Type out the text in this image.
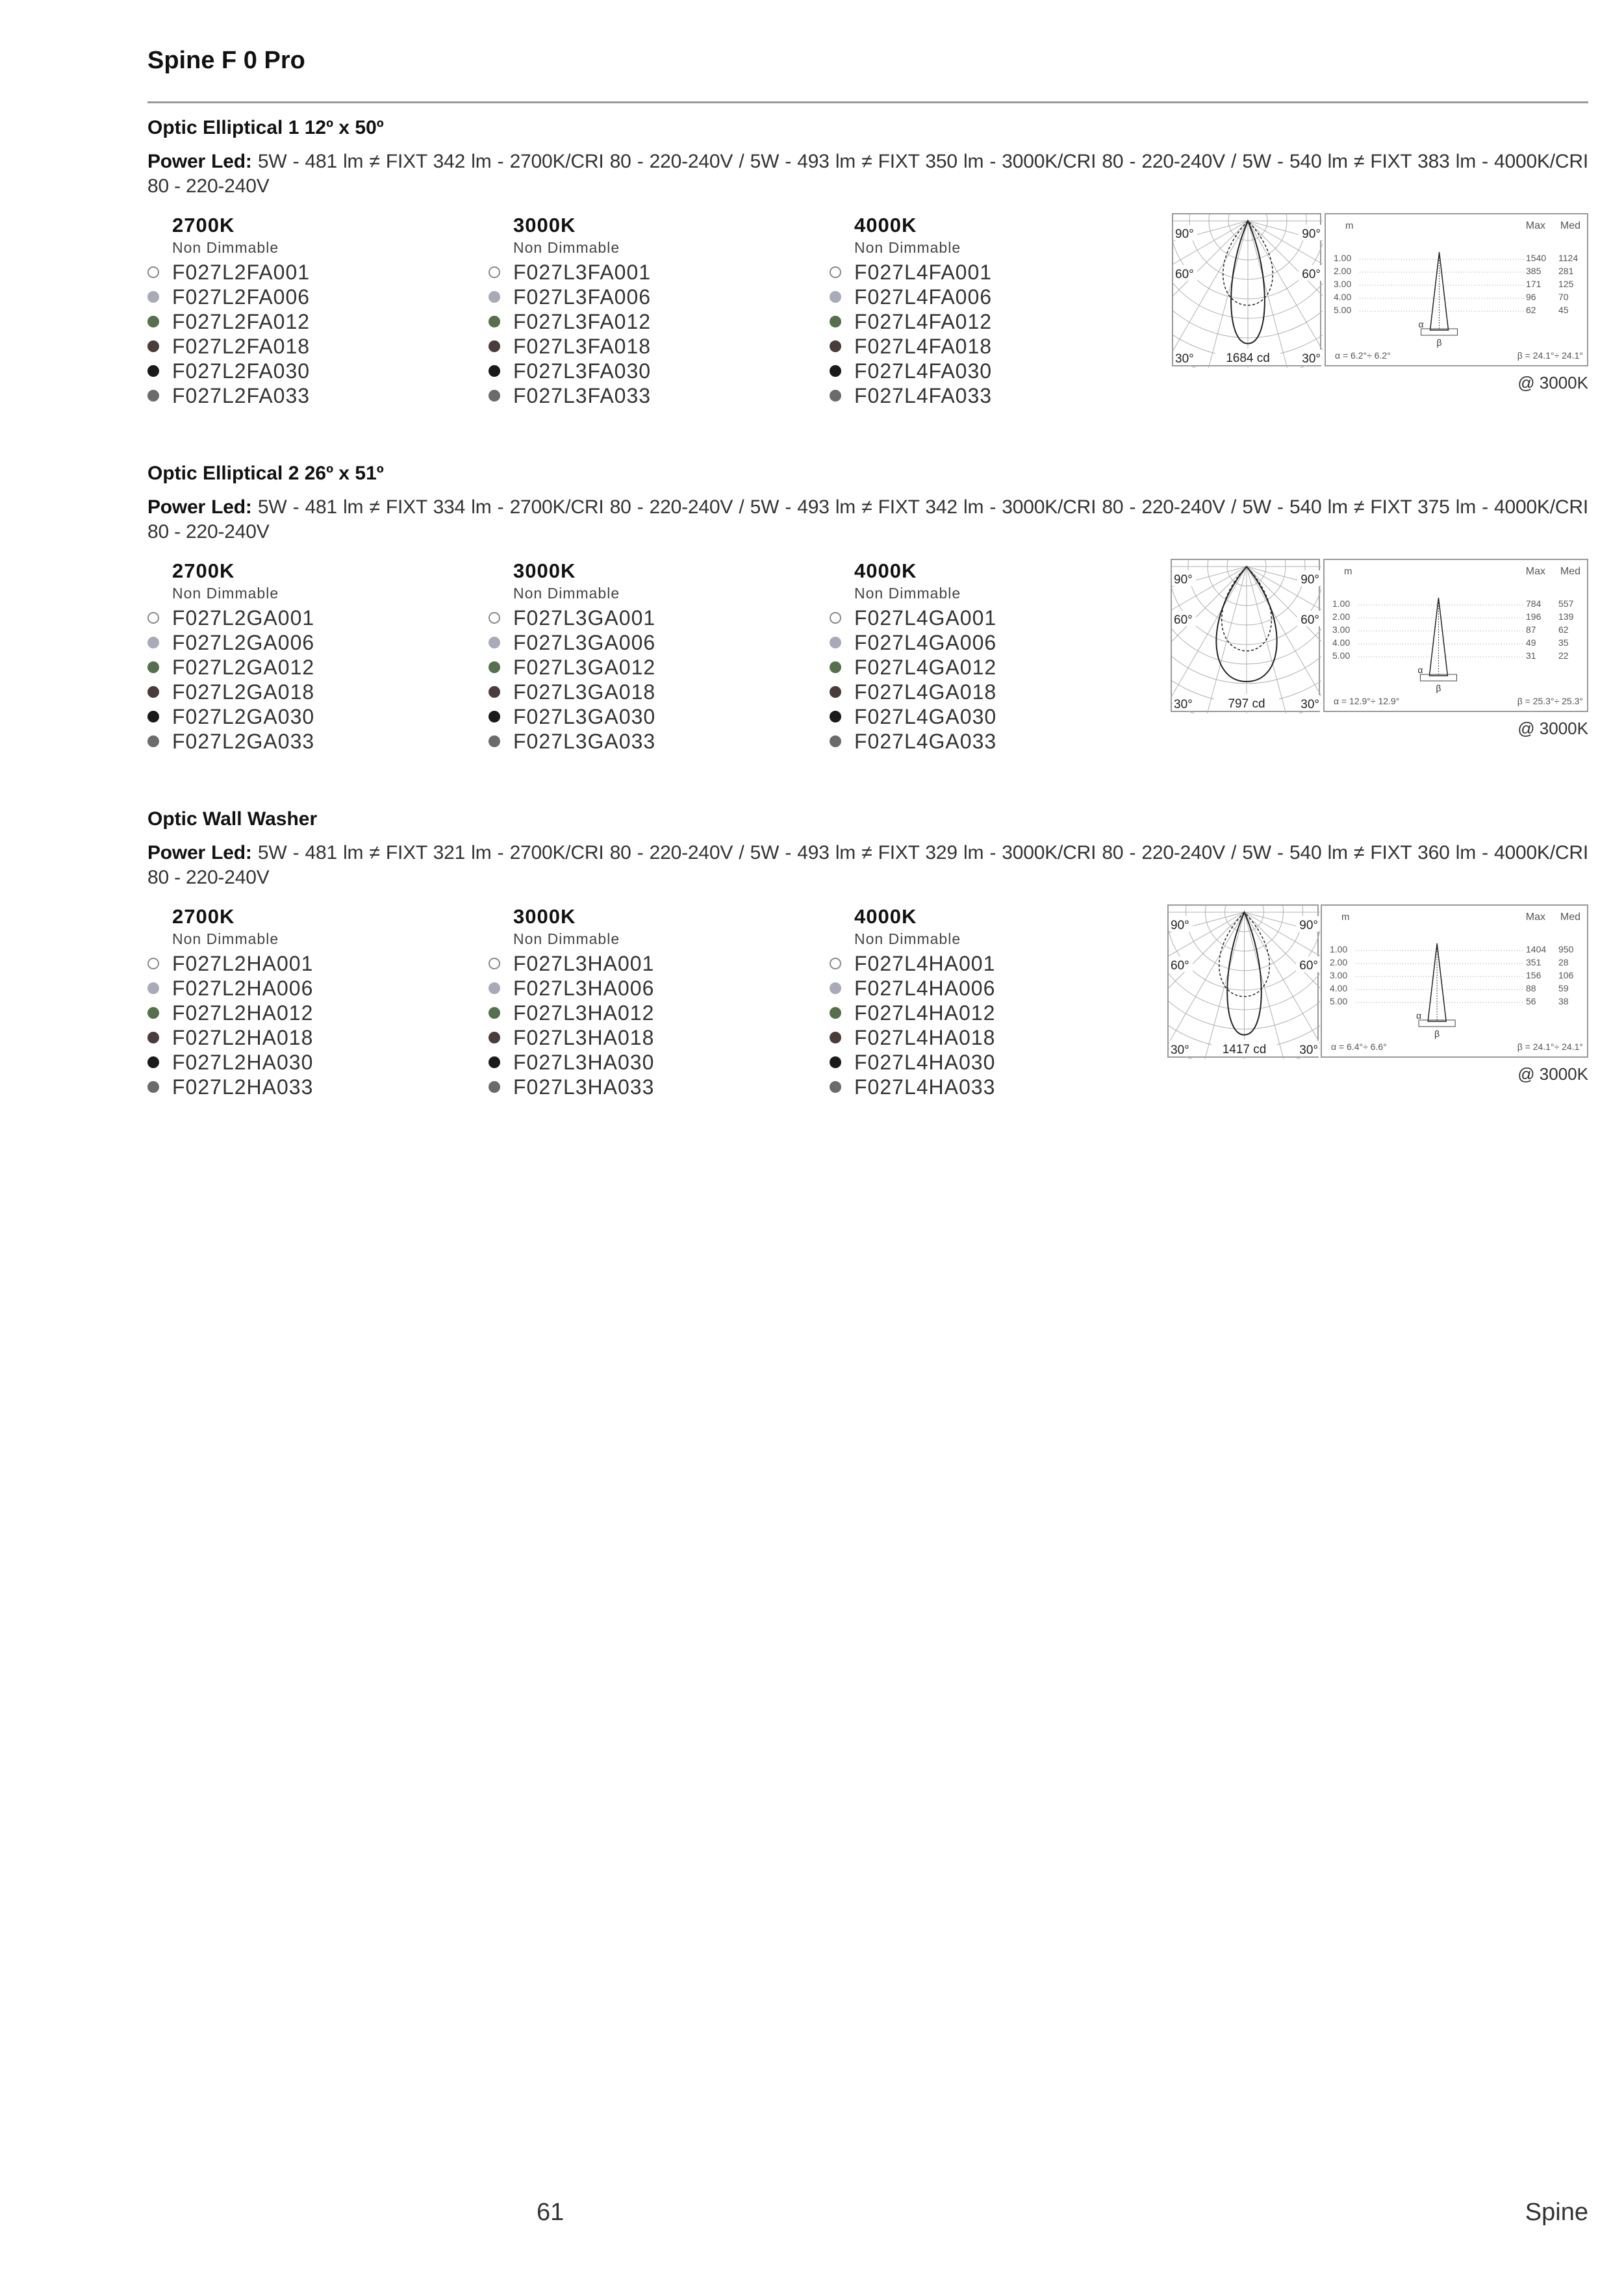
Spine F 0 Pro
Optic Elliptical 1 12º x 50º
Power Led: 5W - 481 lm ≠ FIXT 342 lm - 2700K/CRI 80 - 220-240V / 5W - 493 lm ≠ FIXT 350 lm - 3000K/CRI 80 - 220-240V / 5W - 540 lm ≠ FIXT 383 lm - 4000K/CRI 80 - 220-240V
2700K
Non Dimmable
F027L2FA001
F027L2FA006
F027L2FA012
F027L2FA018
F027L2FA030
F027L2FA033
3000K
Non Dimmable
F027L3FA001
F027L3FA006
F027L3FA012
F027L3FA018
F027L3FA030
F027L3FA033
4000K
Non Dimmable
F027L4FA001
F027L4FA006
F027L4FA012
F027L4FA018
F027L4FA030
F027L4FA033
90°	90°
60°	60°
30°	30°
1684 cd
m	Max Med
1.00	1540 1124
2.00	385 281
3.00	171 125
4.00	96 70
5.00	62 45
α
β
α = 6.2°÷ 6.2°	β = 24.1°÷ 24.1°
@ 3000K
Optic Elliptical 2 26º x 51º
Power Led: 5W - 481 lm ≠ FIXT 334 lm - 2700K/CRI 80 - 220-240V / 5W - 493 lm ≠ FIXT 342 lm - 3000K/CRI 80 - 220-240V / 5W - 540 lm ≠ FIXT 375 lm - 4000K/CRI 80 - 220-240V
2700K
Non Dimmable
F027L2GA001
F027L2GA006
F027L2GA012
F027L2GA018
F027L2GA030
F027L2GA033
3000K
Non Dimmable
F027L3GA001
F027L3GA006
F027L3GA012
F027L3GA018
F027L3GA030
F027L3GA033
4000K
Non Dimmable
F027L4GA001
F027L4GA006
F027L4GA012
F027L4GA018
F027L4GA030
F027L4GA033
90°	90°
60°	60°
30°	30°
797 cd
m	Max Med
1.00	784 557
2.00	196 139
3.00	87 62
4.00	49 35
5.00	31 22
α
β
α = 12.9°÷ 12.9°	β = 25.3°÷ 25.3°
@ 3000K
Optic Wall Washer
Power Led: 5W - 481 lm ≠ FIXT 321 lm - 2700K/CRI 80 - 220-240V / 5W - 493 lm ≠ FIXT 329 lm - 3000K/CRI 80 - 220-240V / 5W - 540 lm ≠ FIXT 360 lm - 4000K/CRI 80 - 220-240V
2700K
Non Dimmable
F027L2HA001
F027L2HA006
F027L2HA012
F027L2HA018
F027L2HA030
F027L2HA033
3000K
Non Dimmable
F027L3HA001
F027L3HA006
F027L3HA012
F027L3HA018
F027L3HA030
F027L3HA033
4000K
Non Dimmable
F027L4HA001
F027L4HA006
F027L4HA012
F027L4HA018
F027L4HA030
F027L4HA033
90°	90°
60°	60°
30°	30°
1417 cd
m	Max Med
1.00	1404 950
2.00	351 28
3.00	156 106
4.00	88 59
5.00	56 38
α
β
α = 6.4°÷ 6.6°	β = 24.1°÷ 24.1°
@ 3000K
61	Spine
